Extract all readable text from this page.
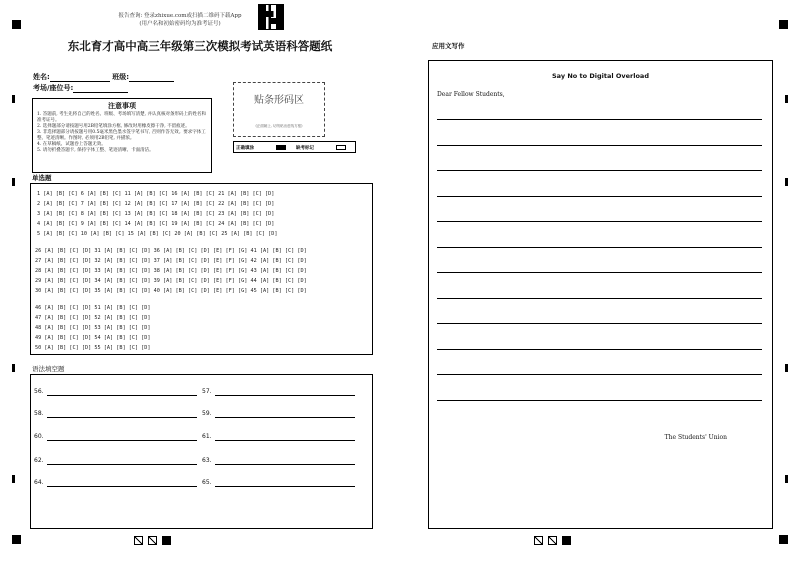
报告查询: 登录zhixue.com或扫描二维码下载App
(用户名和初始密码均为准考证号)
东北育才高中高三年级第三次模拟考试英语科答题纸
姓名:	班级:
考场/座位号:
注意事项
1. 答题前, 考生先将自己的姓名、班级、考场填写清楚, 并认真核对条形码上的姓名和准考证号。
2. 选择题部分请按题号用2B铅笔填涂方框, 修改时用橡皮擦干净, 不留痕迹。
3. 非选择题部分请按题号用0.5毫米黑色墨水签字笔书写, 否则作答无效。要求字体工整、笔迹清晰。作图时, 必须用2B铅笔, 并描浓。
4. 在草稿纸、试题卷上答题无效。
5. 请勿折叠答题卡, 保持字体工整、笔迹清晰、卡面清洁。
贴条形码区
(正面朝上, 切勿贴出虚线方框)
正确填涂	缺考标记
单选题
1 [A] [B] [C] 6 [A] [B] [C] 11 [A] [B] [C] 16 [A] [B] [C] 21 [A] [B] [C] [D]
2 [A] [B] [C] 7 [A] [B] [C] 12 [A] [B] [C] 17 [A] [B] [C] 22 [A] [B] [C] [D]
3 [A] [B] [C] 8 [A] [B] [C] 13 [A] [B] [C] 18 [A] [B] [C] 23 [A] [B] [C] [D]
4 [A] [B] [C] 9 [A] [B] [C] 14 [A] [B] [C] 19 [A] [B] [C] 24 [A] [B] [C] [D]
5 [A] [B] [C] 10 [A] [B] [C] 15 [A] [B] [C] 20 [A] [B] [C] 25 [A] [B] [C] [D]
26 [A] [B] [C] [D] 31 [A] [B] [C] [D] 36 [A] [B] [C] [D] [E] [F] [G] 41 [A] [B] [C] [D]
27 [A] [B] [C] [D] 32 [A] [B] [C] [D] 37 [A] [B] [C] [D] [E] [F] [G] 42 [A] [B] [C] [D]
28 [A] [B] [C] [D] 33 [A] [B] [C] [D] 38 [A] [B] [C] [D] [E] [F] [G] 43 [A] [B] [C] [D]
29 [A] [B] [C] [D] 34 [A] [B] [C] [D] 39 [A] [B] [C] [D] [E] [F] [G] 44 [A] [B] [C] [D]
30 [A] [B] [C] [D] 35 [A] [B] [C] [D] 40 [A] [B] [C] [D] [E] [F] [G] 45 [A] [B] [C] [D]
46 [A] [B] [C] [D] 51 [A] [B] [C] [D]
47 [A] [B] [C] [D] 52 [A] [B] [C] [D]
48 [A] [B] [C] [D] 53 [A] [B] [C] [D]
49 [A] [B] [C] [D] 54 [A] [B] [C] [D]
50 [A] [B] [C] [D] 55 [A] [B] [C] [D]
语法填空题
56.	57.
58.	59.
60.	61.
62.	63.
64.	65.
应用文写作
Say No to Digital Overload
Dear Fellow Students,
The Students' Union
